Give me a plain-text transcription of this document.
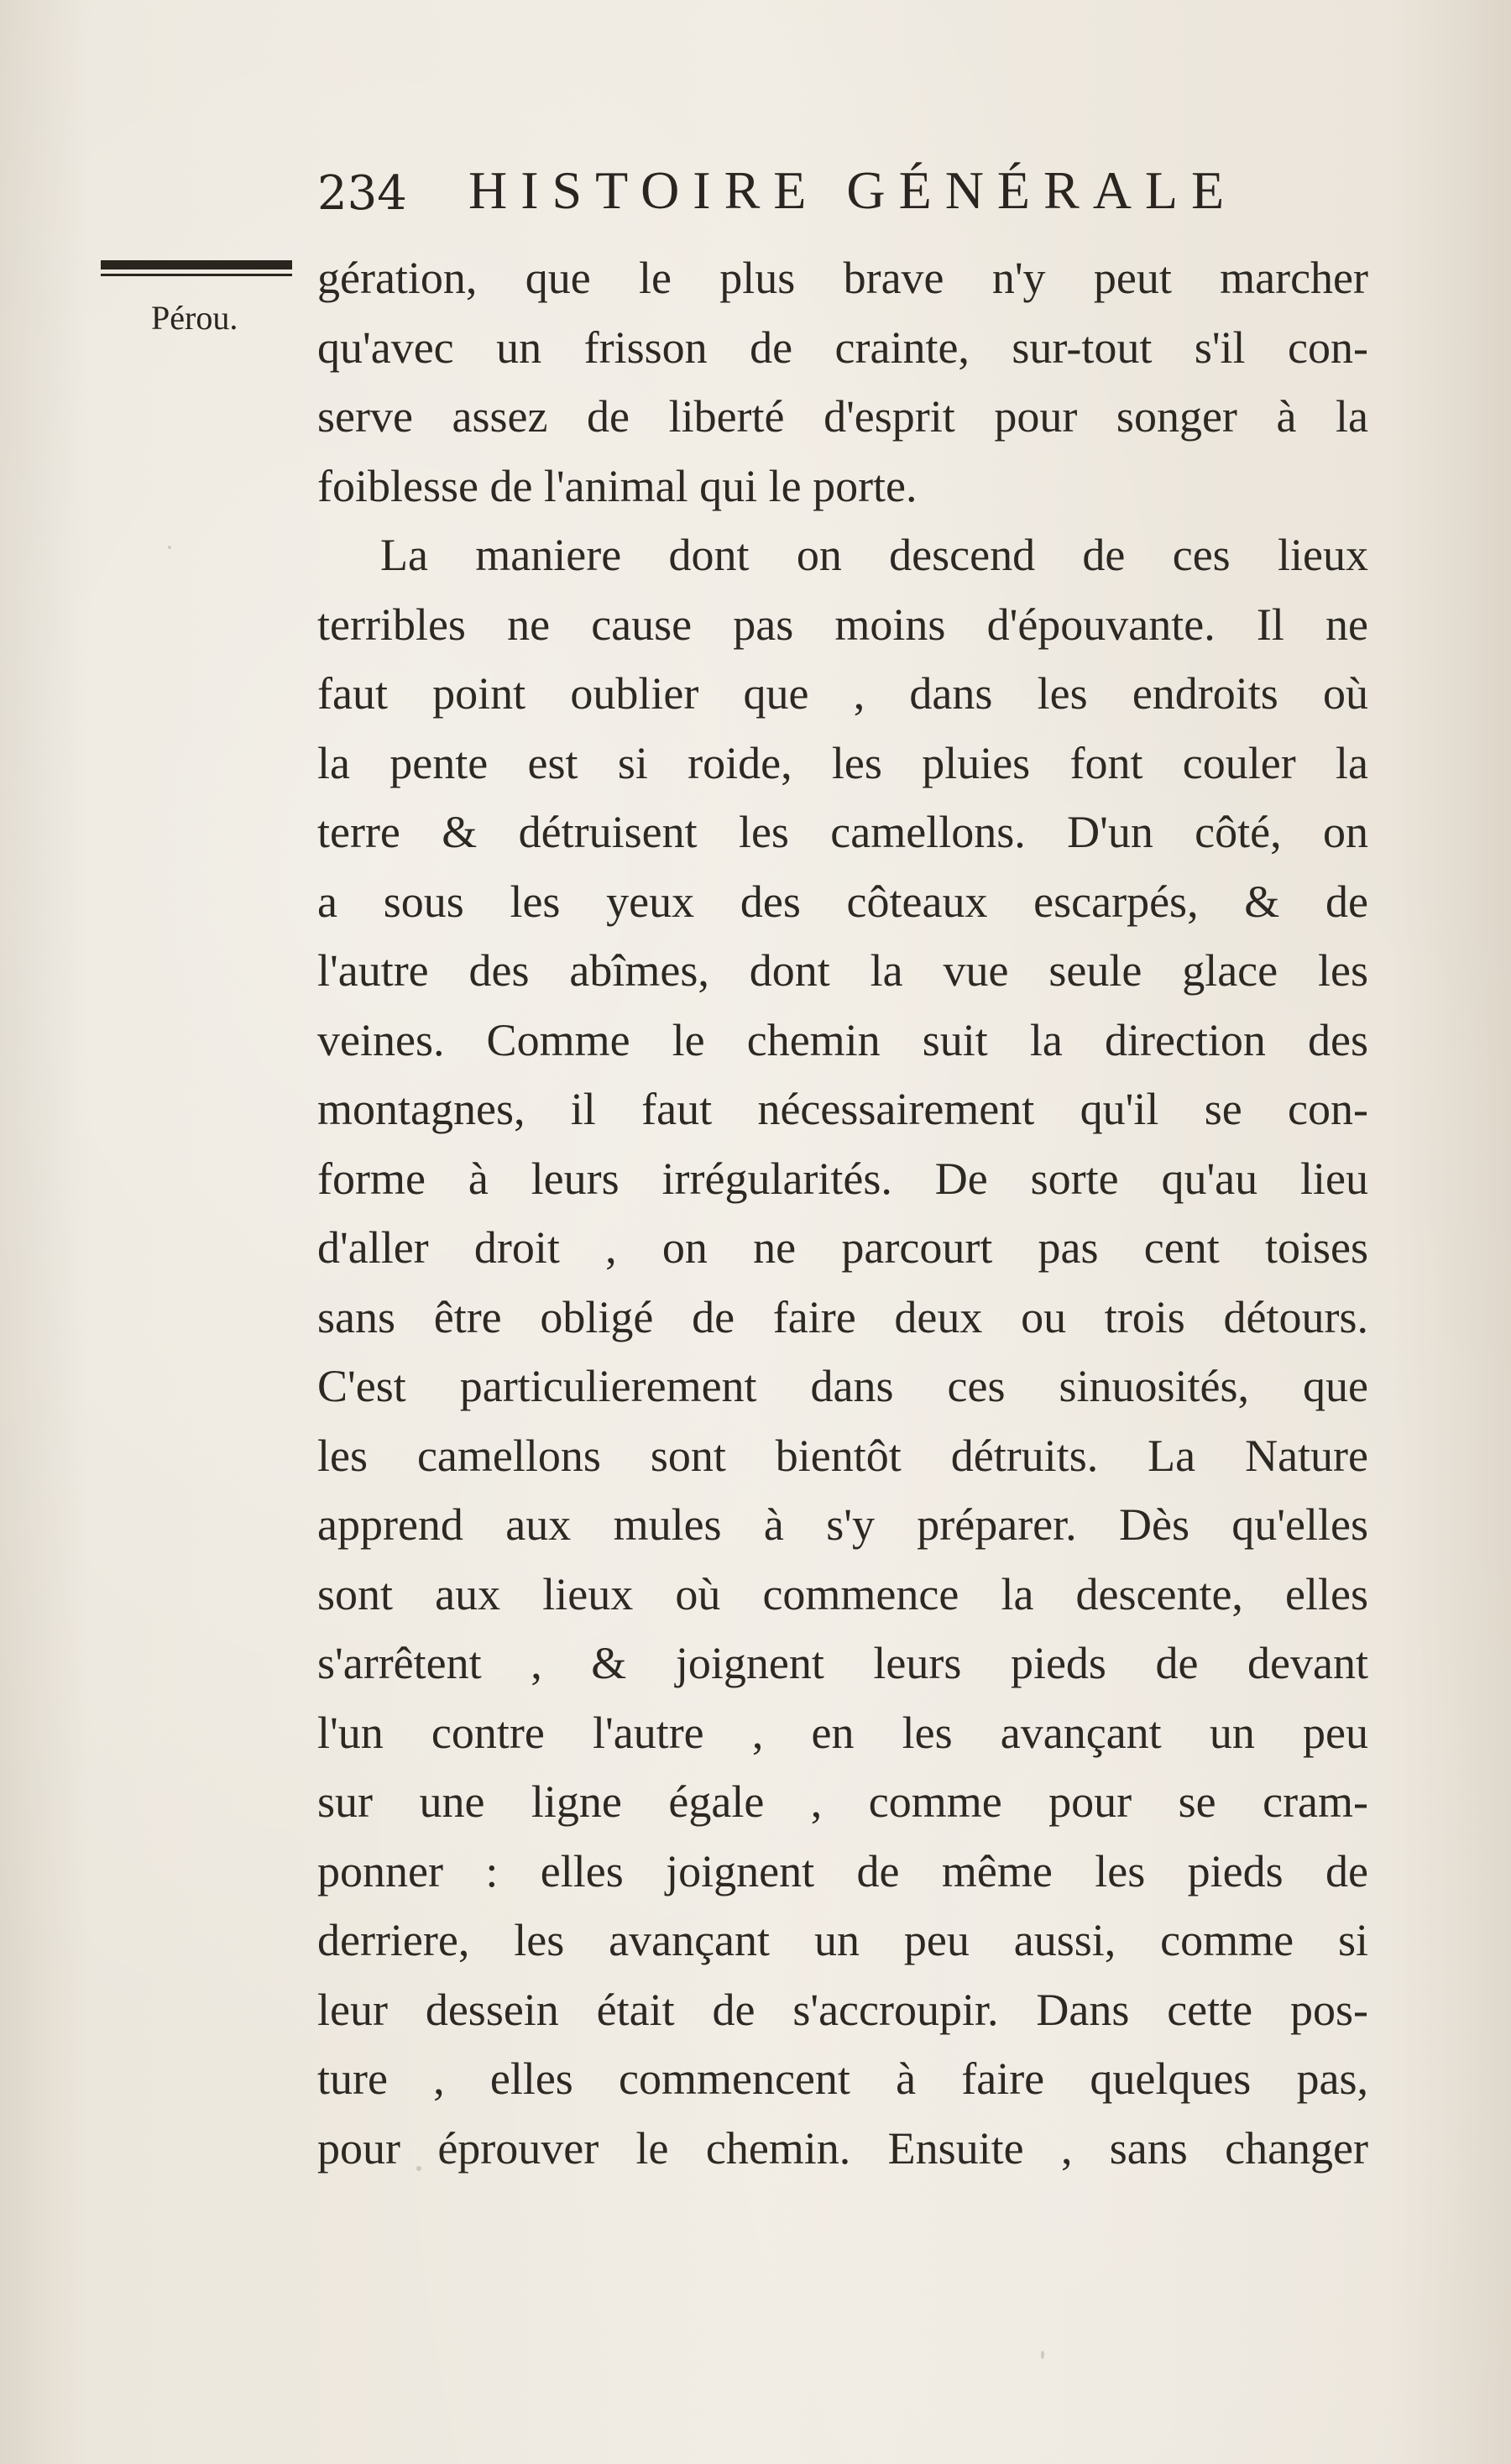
234 HISTOIRE GÉNÉRALE
Pérou.
gération, que le plus brave n'y peut marcher
qu'avec un frisson de crainte, sur-tout s'il con-
serve assez de liberté d'esprit pour songer à la
foiblesse de l'animal qui le porte.
La maniere dont on descend de ces lieux
terribles ne cause pas moins d'épouvante. Il ne
faut point oublier que , dans les endroits où
la pente est si roide, les pluies font couler la
terre & détruisent les camellons. D'un côté, on
a sous les yeux des côteaux escarpés, & de
l'autre des abîmes, dont la vue seule glace les
veines. Comme le chemin suit la direction des
montagnes, il faut nécessairement qu'il se con-
forme à leurs irrégularités. De sorte qu'au lieu
d'aller droit , on ne parcourt pas cent toises
sans être obligé de faire deux ou trois détours.
C'est particulierement dans ces sinuosités, que
les camellons sont bientôt détruits. La Nature
apprend aux mules à s'y préparer. Dès qu'elles
sont aux lieux où commence la descente, elles
s'arrêtent , & joignent leurs pieds de devant
l'un contre l'autre , en les avançant un peu
sur une ligne égale , comme pour se cram-
ponner : elles joignent de même les pieds de
derriere, les avançant un peu aussi, comme si
leur dessein était de s'accroupir. Dans cette pos-
ture , elles commencent à faire quelques pas,
pour éprouver le chemin. Ensuite , sans changer
